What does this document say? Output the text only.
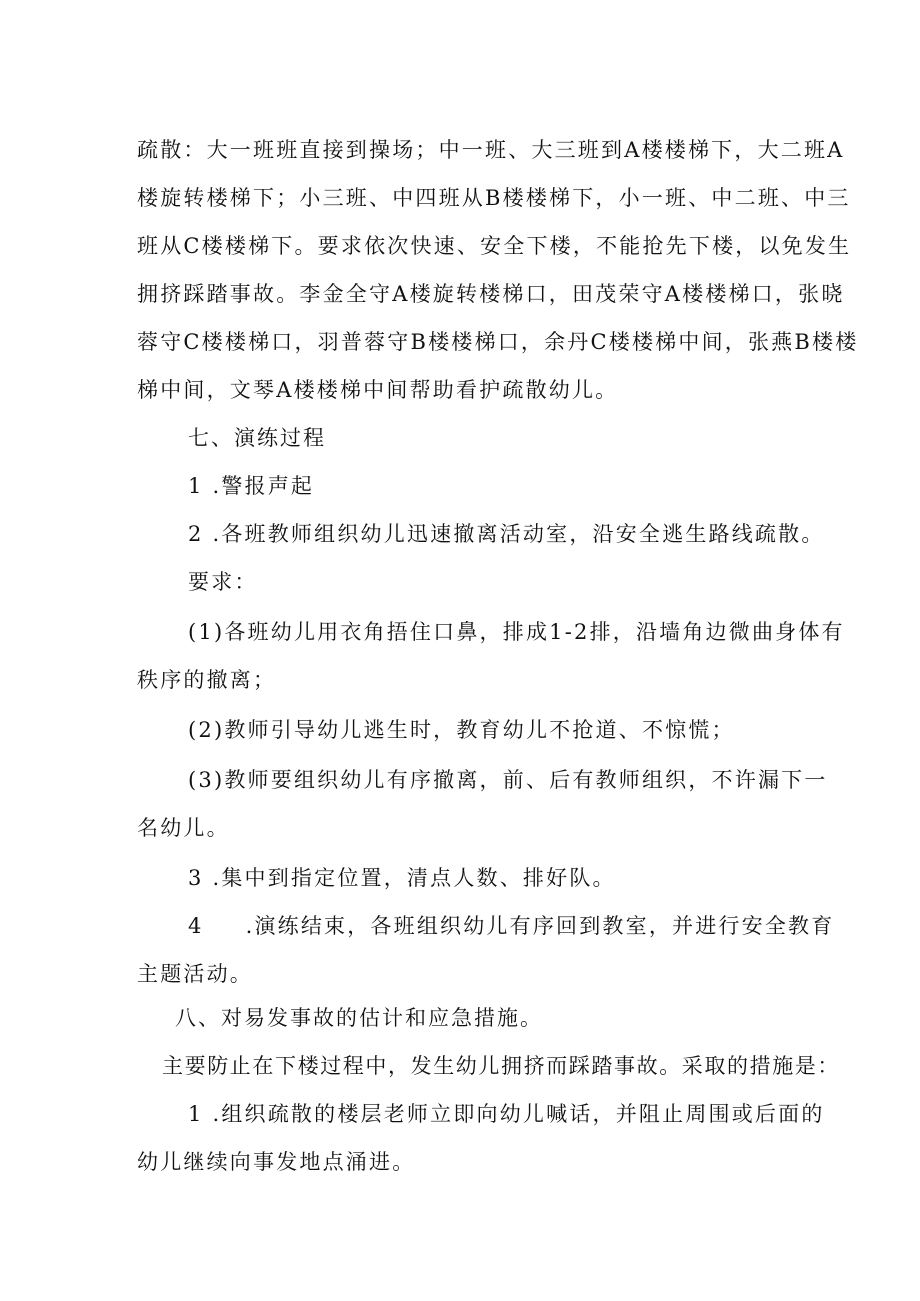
疏散：大一班班直接到操场；中一班、大三班到A楼楼梯下，大二班A
楼旋转楼梯下；小三班、中四班从B楼楼梯下，小一班、中二班、中三
班从C楼楼梯下。要求依次快速、安全下楼，不能抢先下楼，以免发生
拥挤踩踏事故。李金全守A楼旋转楼梯口，田茂荣守A楼楼梯口，张晓
蓉守C楼楼梯口，羽普蓉守B楼楼梯口，余丹C楼楼梯中间，张燕B楼楼
梯中间，文琴A楼楼梯中间帮助看护疏散幼儿。
七、演练过程
1 .警报声起
2 .各班教师组织幼儿迅速撤离活动室，沿安全逃生路线疏散。
要求：
(1)各班幼儿用衣角捂住口鼻，排成1-2排，沿墙角边微曲身体有
秩序的撤离；
(2)教师引导幼儿逃生时，教育幼儿不抢道、不惊慌；
(3)教师要组织幼儿有序撤离，前、后有教师组织，不许漏下一
名幼儿。
3 .集中到指定位置，清点人数、排好队。
4 .演练结束，各班组织幼儿有序回到教室，并进行安全教育
主题活动。
八、对易发事故的估计和应急措施。
主要防止在下楼过程中，发生幼儿拥挤而踩踏事故。采取的措施是：
1 .组织疏散的楼层老师立即向幼儿喊话，并阻止周围或后面的
幼儿继续向事发地点涌进。
